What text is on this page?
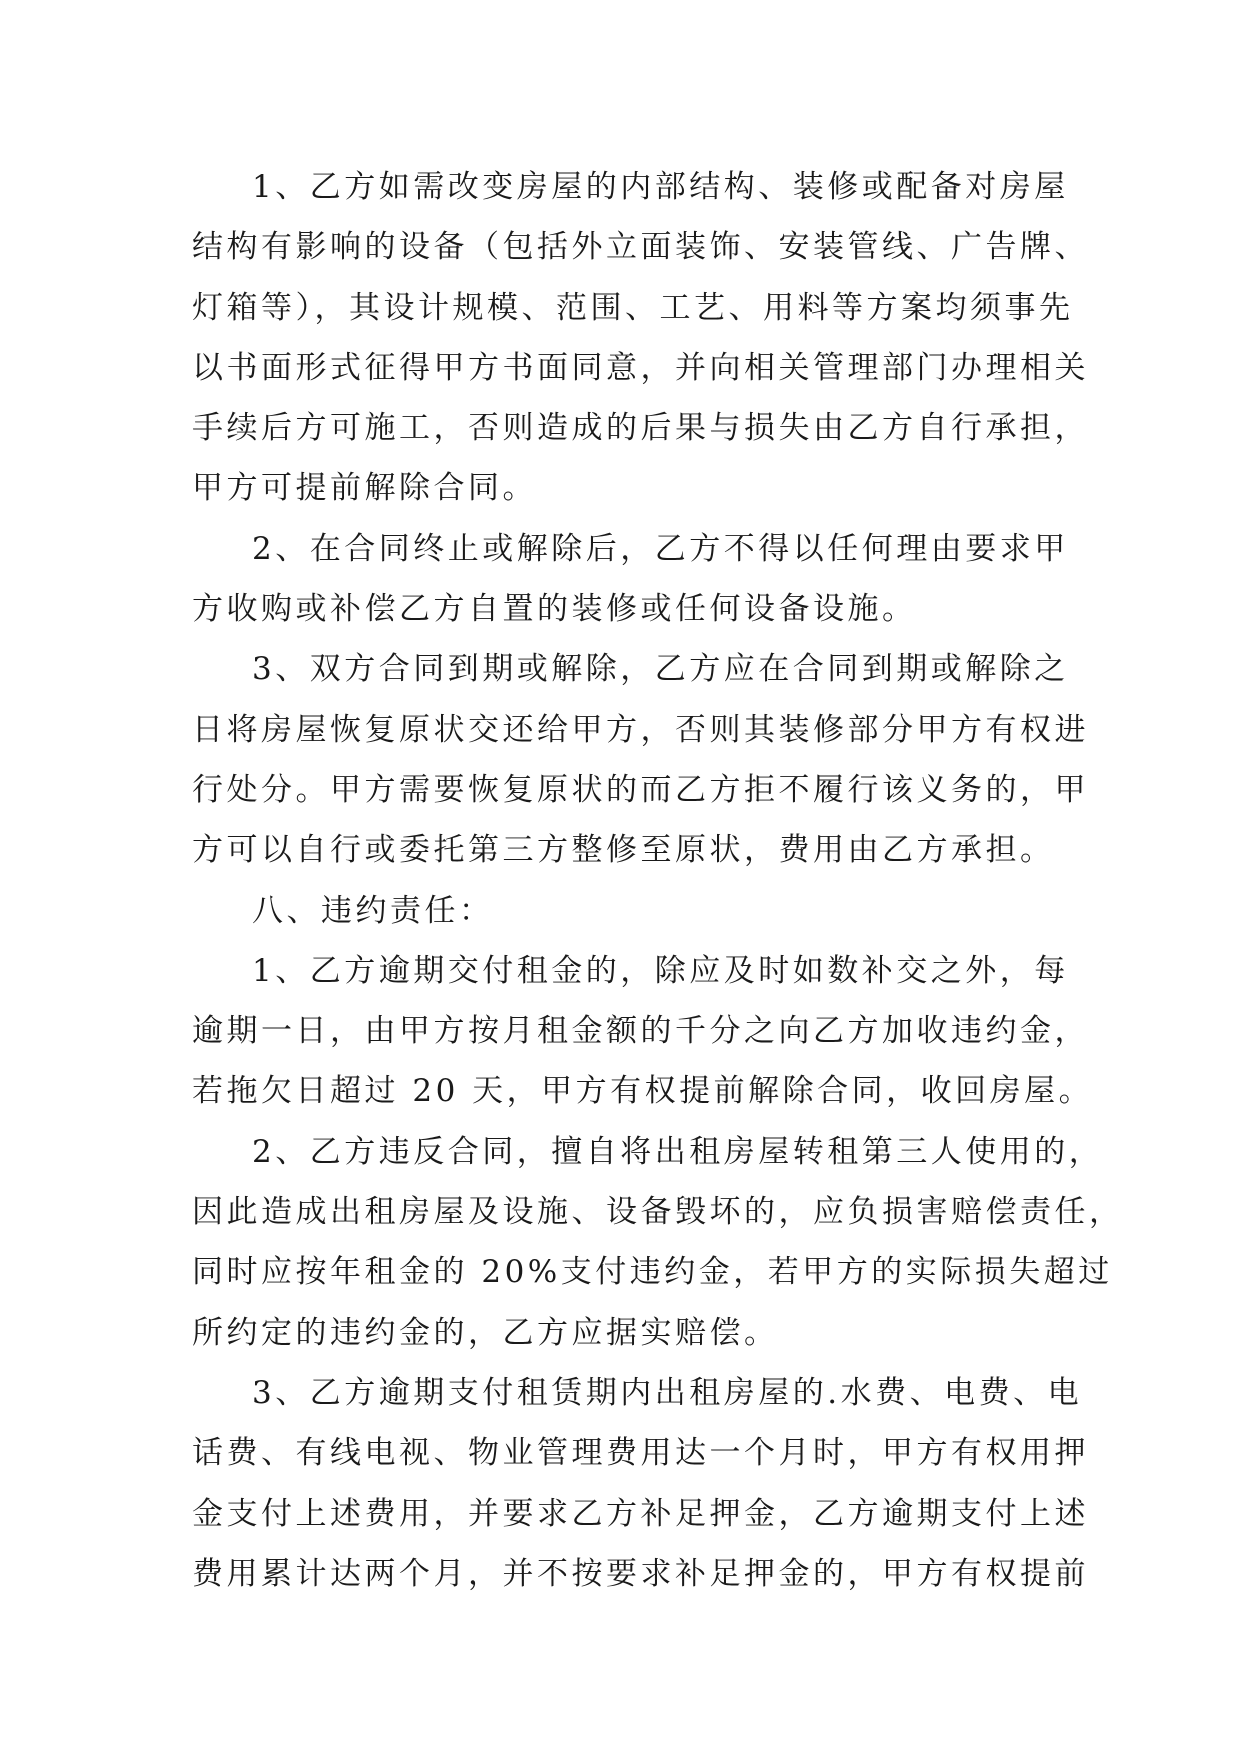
1、乙方如需改变房屋的内部结构、装修或配备对房屋
结构有影响的设备（包括外立面装饰、安装管线、广告牌、
灯箱等），其设计规模、范围、工艺、用料等方案均须事先
以书面形式征得甲方书面同意，并向相关管理部门办理相关
手续后方可施工，否则造成的后果与损失由乙方自行承担，
甲方可提前解除合同。
2、在合同终止或解除后，乙方不得以任何理由要求甲
方收购或补偿乙方自置的装修或任何设备设施。
3、双方合同到期或解除，乙方应在合同到期或解除之
日将房屋恢复原状交还给甲方，否则其装修部分甲方有权进
行处分。甲方需要恢复原状的而乙方拒不履行该义务的，甲
方可以自行或委托第三方整修至原状，费用由乙方承担。
八、违约责任：
1、乙方逾期交付租金的，除应及时如数补交之外，每
逾期一日，由甲方按月租金额的千分之向乙方加收违约金，
若拖欠日超过 20 天，甲方有权提前解除合同，收回房屋。
2、乙方违反合同，擅自将出租房屋转租第三人使用的，
因此造成出租房屋及设施、设备毁坏的，应负损害赔偿责任，
同时应按年租金的 20%支付违约金，若甲方的实际损失超过
所约定的违约金的，乙方应据实赔偿。
3、乙方逾期支付租赁期内出租房屋的.水费、电费、电
话费、有线电视、物业管理费用达一个月时，甲方有权用押
金支付上述费用，并要求乙方补足押金，乙方逾期支付上述
费用累计达两个月，并不按要求补足押金的，甲方有权提前
